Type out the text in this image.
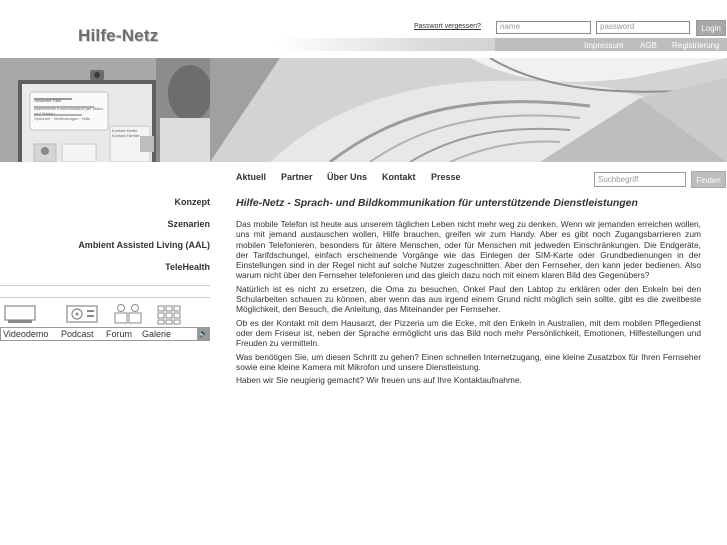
Hilfe-Netz	Passwort vergessen?	name	password	Login
Impressum AGB Registrierung
Aktuell Partner Über Uns Kontakt Presse	Suchbegriff	Finden
Konzept
Szenarien
Ambient Assisted Living (AAL)
TeleHealth
Videodemo Podcast Forum Galerie	🔈
Hilfe-Netz - Sprach- und Bildkommunikation für unterstützende Dienstleistungen

Das mobile Telefon ist heute aus unserem täglichen Leben nicht mehr weg zu denken. Wenn wir jemanden erreichen wollen, uns mit jemand austauschen wollen, Hilfe brauchen, greifen wir zum Handy. Aber es gibt noch Zugangsbarrieren zum mobilen Telefonieren, besonders für ältere Menschen, oder für Menschen mit jedweden Einschränkungen. Die Endgeräte, der Tarifdschungel, einfach erscheinende Vorgänge wie das Einlegen der SIM-Karte oder Grundbedienungen in der Einstellungen sind in der Regel nicht auf solche Nutzer zugeschnitten. Aber den Fernseher, den kann jeder bedienen. Also warum nicht über den Fernseher telefonieren und das gleich dazu noch mit einem klaren Bild des Gegenübers?

Natürlich ist es nicht zu ersetzen, die Oma zu besuchen, Onkel Paul den Labtop zu erklären oder den Enkeln bei den Schularbeiten schauen zu können, aber wenn das aus irgend einem Grund nicht möglich sein sollte, gibt es die zweitbeste Möglichkeit, den Besuch, die Anleitung, das Miteinander per Fernseher.

Ob es der Kontakt mit dem Hausarzt, der Pizzeria um die Ecke, mit den Enkeln in Australien, mit dem mobilen Pflegedienst oder dem Friseur ist, neben der Sprache ermöglicht uns das Bild noch mehr Persönlichkeit, Emotionen, Hilfestellungen und Freuden zu vermitteln.

Was benötigen Sie, um diesen Schritt zu gehen? Einen schnellen Internetzugang, eine kleine Zusatzbox für Ihren Fernseher sowie eine kleine Kamera mit Mikrofon und unsere Dienstleistung.

Haben wir Sie neugierig gemacht? Wir freuen uns auf Ihre Kontaktaufnahme.

Gesamter Fälle
Barrierefreie Kommunikation per Video und Telefon
Optionen · Verbindungen · Hilfe
Kontakt Helfer
Kontakt Familie
